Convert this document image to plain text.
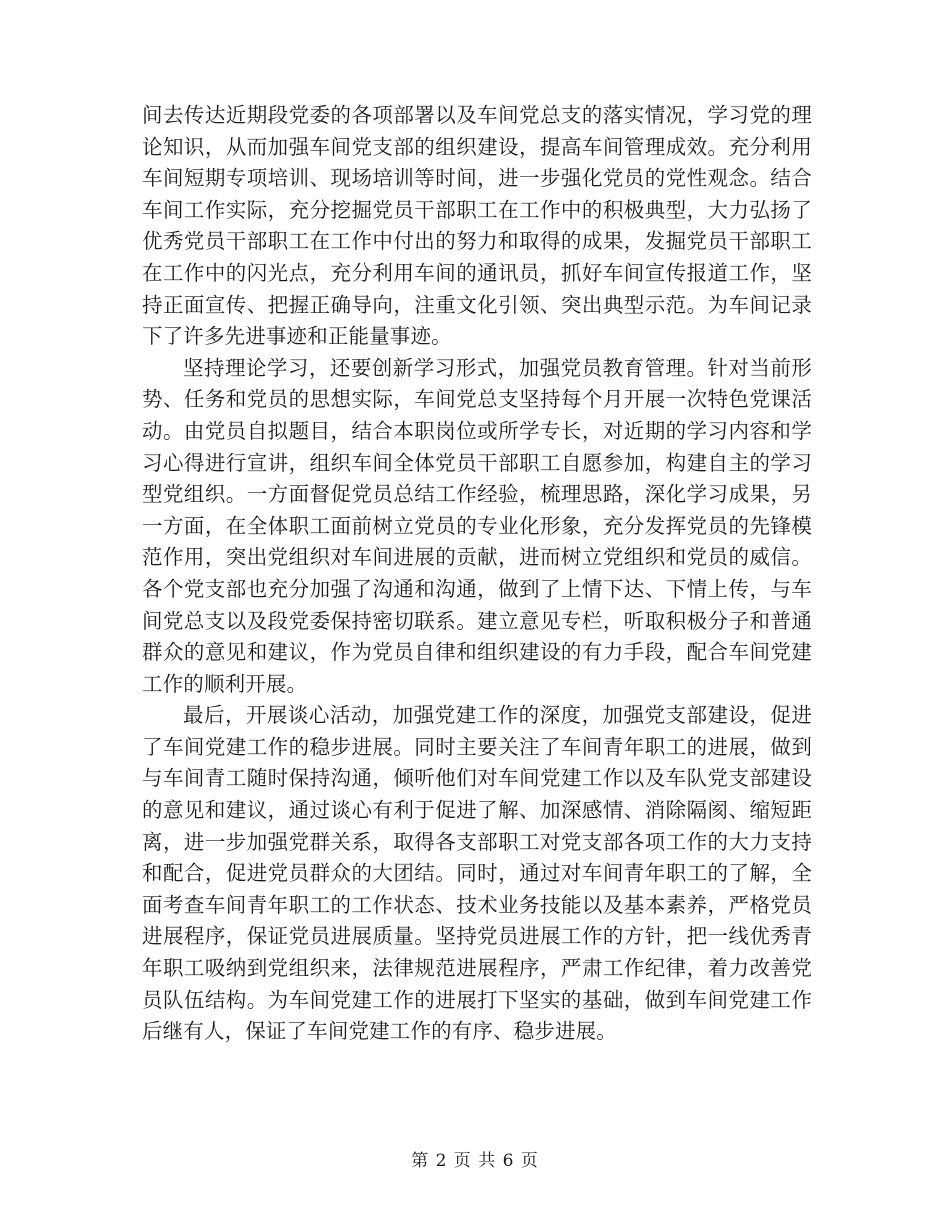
间去传达近期段党委的各项部署以及车间党总支的落实情况，学习党的理论知识，从而加强车间党支部的组织建设，提高车间管理成效。充分利用车间短期专项培训、现场培训等时间，进一步强化党员的党性观念。结合车间工作实际，充分挖掘党员干部职工在工作中的积极典型，大力弘扬了优秀党员干部职工在工作中付出的努力和取得的成果，发掘党员干部职工在工作中的闪光点，充分利用车间的通讯员，抓好车间宣传报道工作，坚持正面宣传、把握正确导向，注重文化引领、突出典型示范。为车间记录下了许多先进事迹和正能量事迹。

坚持理论学习，还要创新学习形式，加强党员教育管理。针对当前形势、任务和党员的思想实际，车间党总支坚持每个月开展一次特色党课活动。由党员自拟题目，结合本职岗位或所学专长，对近期的学习内容和学习心得进行宣讲，组织车间全体党员干部职工自愿参加，构建自主的学习型党组织。一方面督促党员总结工作经验，梳理思路，深化学习成果，另一方面，在全体职工面前树立党员的专业化形象，充分发挥党员的先锋模范作用，突出党组织对车间进展的贡献，进而树立党组织和党员的威信。各个党支部也充分加强了沟通和沟通，做到了上情下达、下情上传，与车间党总支以及段党委保持密切联系。建立意见专栏，听取积极分子和普通群众的意见和建议，作为党员自律和组织建设的有力手段，配合车间党建工作的顺利开展。

最后，开展谈心活动，加强党建工作的深度，加强党支部建设，促进了车间党建工作的稳步进展。同时主要关注了车间青年职工的进展，做到与车间青工随时保持沟通，倾听他们对车间党建工作以及车队党支部建设的意见和建议，通过谈心有利于促进了解、加深感情、消除隔阂、缩短距离，进一步加强党群关系，取得各支部职工对党支部各项工作的大力支持和配合，促进党员群众的大团结。同时，通过对车间青年职工的了解，全面考查车间青年职工的工作状态、技术业务技能以及基本素养，严格党员进展程序，保证党员进展质量。坚持党员进展工作的方针，把一线优秀青年职工吸纳到党组织来，法律规范进展程序，严肃工作纪律，着力改善党员队伍结构。为车间党建工作的进展打下坚实的基础，做到车间党建工作后继有人，保证了车间党建工作的有序、稳步进展。

第 2 页 共 6 页
